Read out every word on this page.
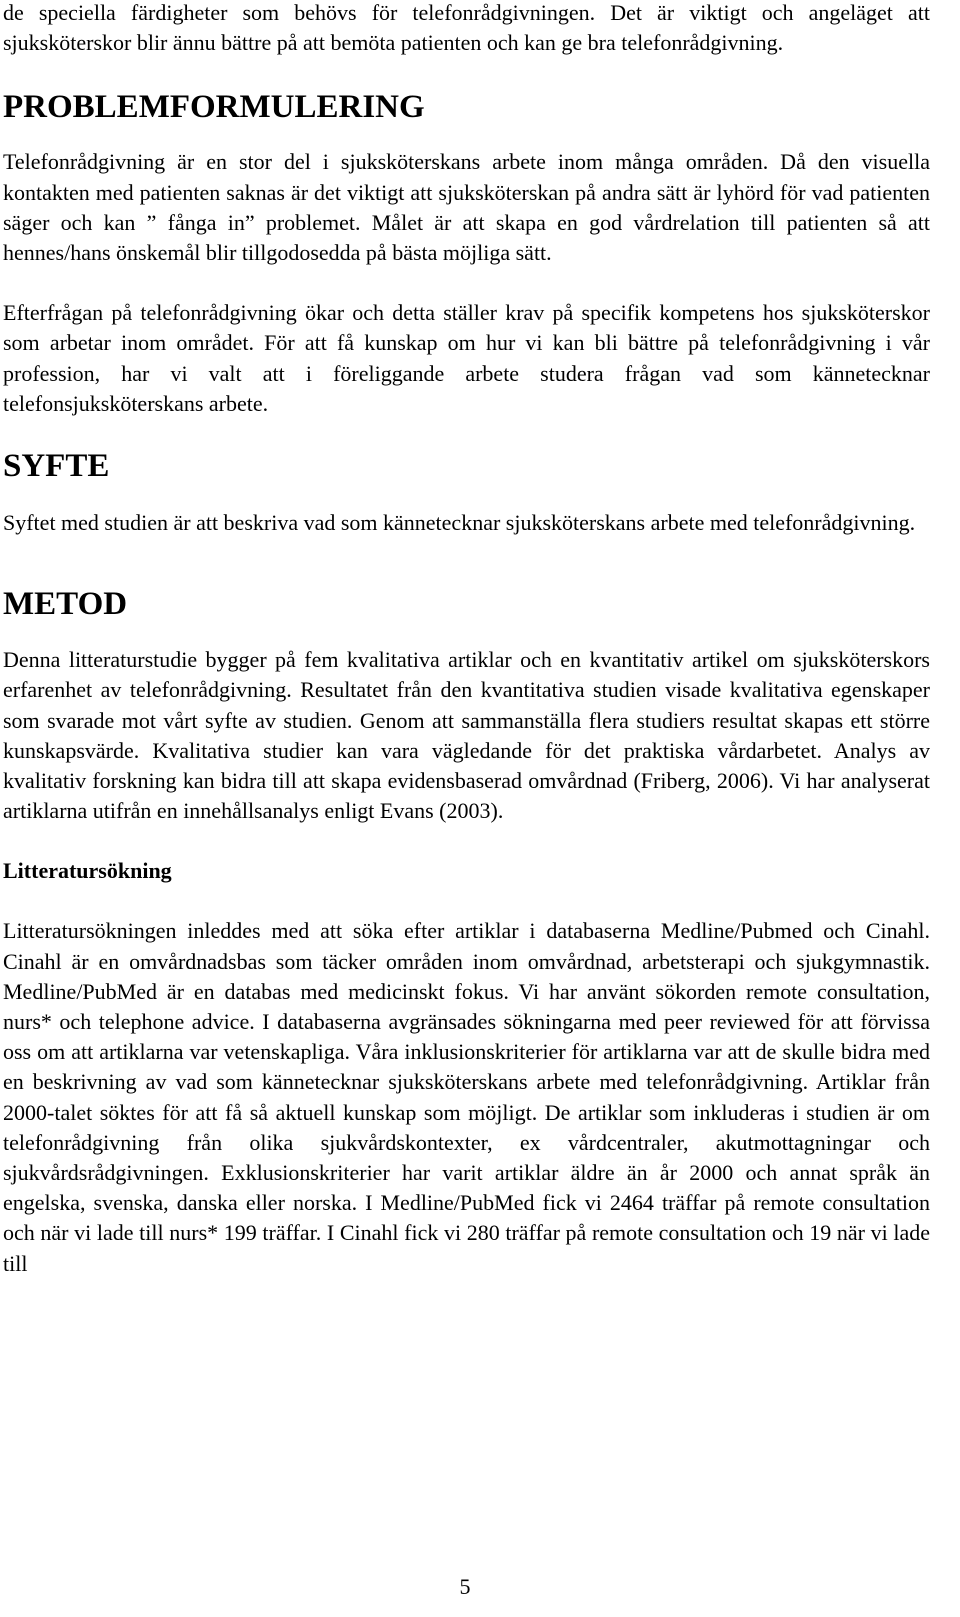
de speciella färdigheter som behövs för telefonrådgivningen. Det är viktigt och angeläget att sjuksköterskor blir ännu bättre på att bemöta patienten och kan ge bra telefonrådgivning.

PROBLEMFORMULERING

Telefonrådgivning är en stor del i sjuksköterskans arbete inom många områden. Då den visuella kontakten med patienten saknas är det viktigt att sjuksköterskan på andra sätt är lyhörd för vad patienten säger och kan ” fånga in” problemet. Målet är att skapa en god vårdrelation till patienten så att hennes/hans önskemål blir tillgodosedda på bästa möjliga sätt.

Efterfrågan på telefonrådgivning ökar och detta ställer krav på specifik kompetens hos sjuksköterskor som arbetar inom området. För att få kunskap om hur vi kan bli bättre på telefonrådgivning i vår profession, har vi valt att i föreliggande arbete studera frågan vad som kännetecknar telefonsjuksköterskans arbete.

SYFTE

Syftet med studien är att beskriva vad som kännetecknar sjuksköterskans arbete med telefonrådgivning.

METOD

Denna litteraturstudie bygger på fem kvalitativa artiklar och en kvantitativ artikel om sjuksköterskors erfarenhet av telefonrådgivning. Resultatet från den kvantitativa studien visade kvalitativa egenskaper som svarade mot vårt syfte av studien. Genom att sammanställa flera studiers resultat skapas ett större kunskapsvärde. Kvalitativa studier kan vara vägledande för det praktiska vårdarbetet. Analys av kvalitativ forskning kan bidra till att skapa evidensbaserad omvårdnad (Friberg, 2006). Vi har analyserat artiklarna utifrån en innehållsanalys enligt Evans (2003).

Litteratursökning

Litteratursökningen inleddes med att söka efter artiklar i databaserna Medline/Pubmed och Cinahl. Cinahl är en omvårdnadsbas som täcker områden inom omvårdnad, arbetsterapi och sjukgymnastik. Medline/PubMed är en databas med medicinskt fokus. Vi har använt sökorden remote consultation, nurs* och telephone advice. I databaserna avgränsades sökningarna med peer reviewed för att förvissa oss om att artiklarna var vetenskapliga. Våra inklusionskriterier för artiklarna var att de skulle bidra med en beskrivning av vad som kännetecknar sjuksköterskans arbete med telefonrådgivning. Artiklar från 2000-talet söktes för att få så aktuell kunskap som möjligt. De artiklar som inkluderas i studien är om telefonrådgivning från olika sjukvårdskontexter, ex vårdcentraler, akutmottagningar och sjukvårdsrådgivningen. Exklusionskriterier har varit artiklar äldre än år 2000 och annat språk än engelska, svenska, danska eller norska. I Medline/PubMed fick vi 2464 träffar på remote consultation och när vi lade till nurs* 199 träffar. I Cinahl fick vi 280 träffar på remote consultation och 19 när vi lade till

5
